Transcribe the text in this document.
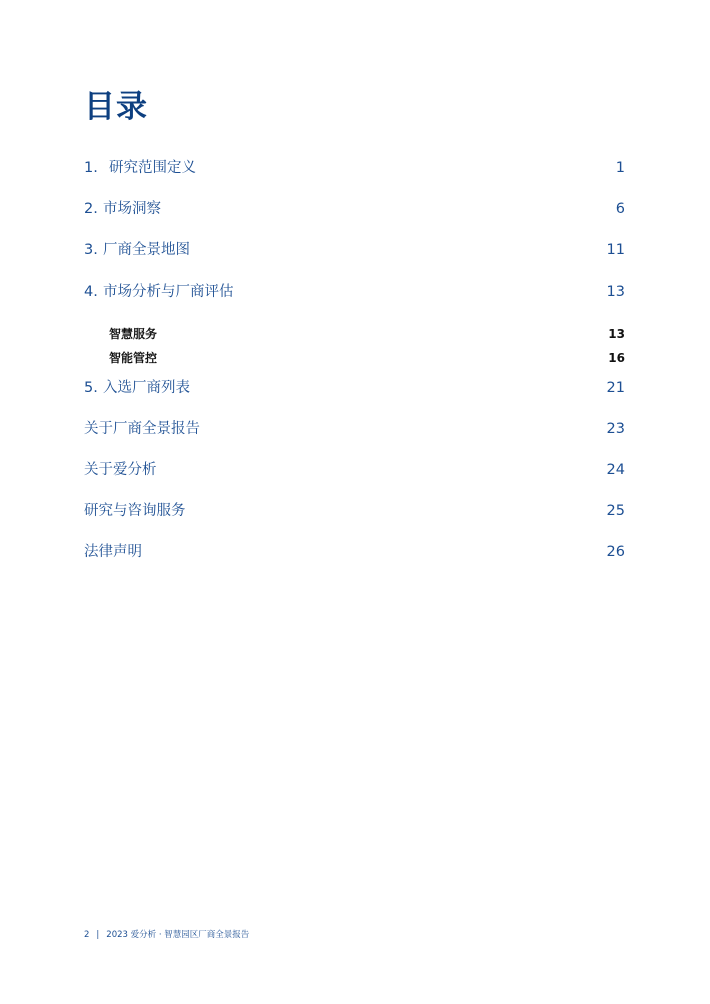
目录
1. 研究范围定义	1
2. 市场洞察	6
3. 厂商全景地图	11
4. 市场分析与厂商评估	13
智慧服务	13
智能管控	16
5. 入选厂商列表	21
关于厂商全景报告	23
关于爱分析	24
研究与咨询服务	25
法律声明	26
2 | 2023 爱分析 · 智慧园区厂商全景报告
